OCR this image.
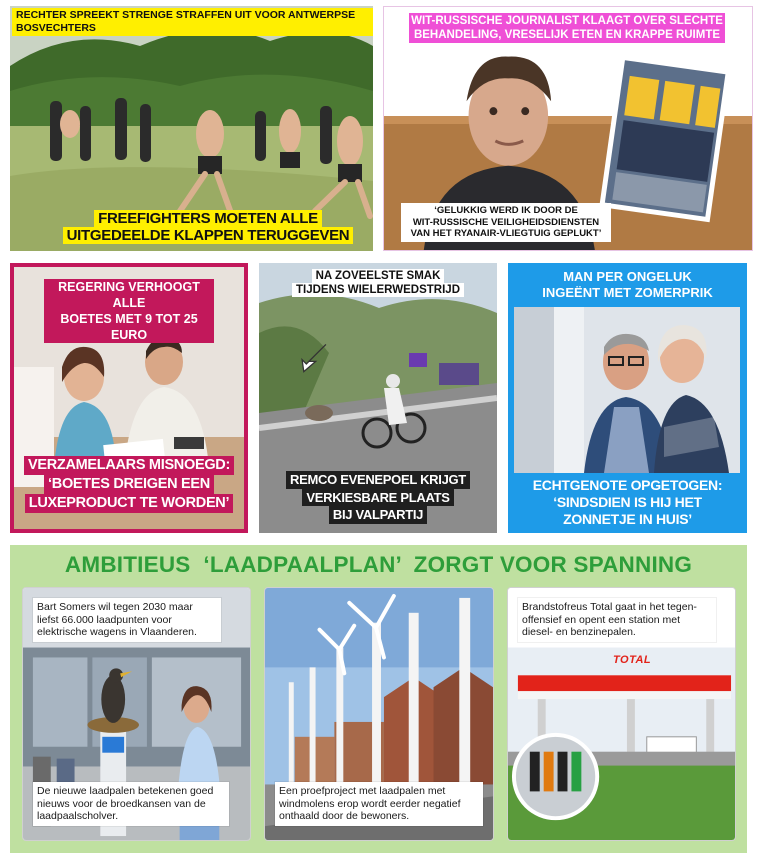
RECHTER SPREEKT STRENGE STRAFFEN UIT VOOR ANTWERPSE BOSVECHTERS
FREEFIGHTERS MOETEN ALLE
UITGEDEELDE KLAPPEN TERUGGEVEN
WIT-RUSSISCHE JOURNALIST KLAAGT OVER SLECHTE
BEHANDELING, VRESELIJK ETEN EN KRAPPE RUIMTE
‘GELUKKIG WERD IK DOOR DE
WIT-RUSSISCHE VEILIGHEIDSDIENSTEN
VAN HET RYANAIR-VLIEGTUIG GEPLUKT’
REGERING VERHOOGT ALLE
BOETES MET 9 TOT 25 EURO
VERZAMELAARS MISNOEGD:
‘BOETES DREIGEN EEN
LUXEPRODUCT TE WORDEN’
NA ZOVEELSTE SMAK
TIJDENS WIELERWEDSTRIJD
REMCO EVENEPOEL KRIJGT
VERKIESBARE PLAATS
BIJ VALPARTIJ
MAN PER ONGELUK
INGEËNT MET ZOMERPRIK
ECHTGENOTE OPGETOGEN:
‘SINDSDIEN IS HIJ HET
ZONNETJE IN HUIS’
AMBITIEUS  ‘LAADPAALPLAN’  ZORGT VOOR SPANNING
Bart Somers wil tegen 2030 maar liefst 66.000 laadpunten voor elektrische wagens in Vlaanderen.
De nieuwe laadpalen betekenen goed nieuws voor de broedkansen van de laadpaalscholver.
Een proefproject met laadpalen met windmolens erop wordt eerder negatief onthaald door de bewoners.
TOTAL
Brandstofreus Total gaat in het tegen-offensief en opent een station met diesel- en benzinepalen.
